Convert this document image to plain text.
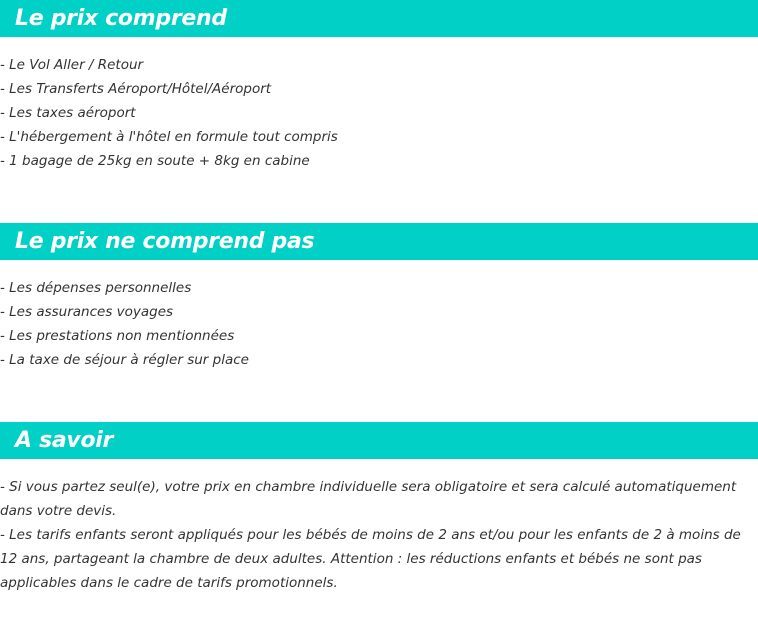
Le prix comprend
- Le Vol Aller / Retour
- Les Transferts Aéroport/Hôtel/Aéroport
- Les taxes aéroport
- L'hébergement à l'hôtel en formule tout compris
- 1 bagage de 25kg en soute + 8kg en cabine
Le prix ne comprend pas
- Les dépenses personnelles
- Les assurances voyages
- Les prestations non mentionnées
- La taxe de séjour à régler sur place
A savoir

- Si vous partez seul(e), votre prix en chambre individuelle sera obligatoire et sera calculé automatiquement dans votre devis.

- Les tarifs enfants seront appliqués pour les bébés de moins de 2 ans et/ou pour les enfants de 2 à moins de 12 ans, partageant la chambre de deux adultes. Attention : les réductions enfants et bébés ne sont pas applicables dans le cadre de tarifs promotionnels.
